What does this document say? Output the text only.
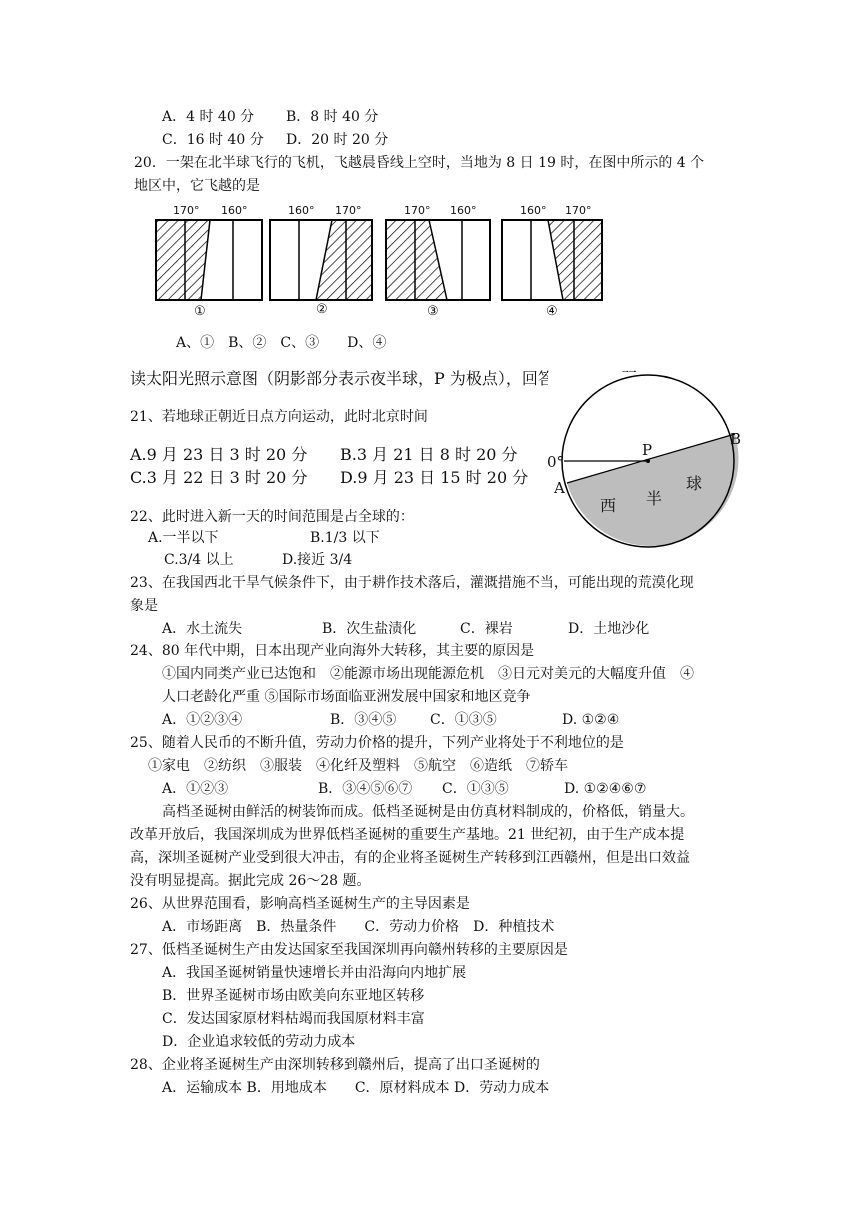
A．4 时 40 分 B．8 时 40 分
C．16 时 40 分 D．20 时 20 分
20．一架在北半球飞行的飞机，飞越晨昏线上空时，当地为 8 日 19 时，在图中所示的 4 个
地区中，它飞越的是
170° 160°
①
160° 170°
②
170° 160°
③
160° 170°
④
A、①　B、②　C、③　　D、④
读太阳光照示意图（阴影部分表示夜半球，P 为极点），回答 21～22 题
P
B
A
0°
西 半
球
21、若地球正朝近日点方向运动，此时北京时间
A.9 月 23 日 3 时 20 分 B.3 月 21 日 8 时 20 分
C.3 月 22 日 3 时 20 分 D.9 月 23 日 15 时 20 分
22、此时进入新一天的时间范围是占全球的：
A.一半以下	B.1/3 以下
C.3/4 以上	D.接近 3/4
23、在我国西北干旱气候条件下，由于耕作技术落后，灌溉措施不当，可能出现的荒漠化现
象是
A．水土流失	B．次生盐渍化	C．裸岩	D．土地沙化
24、80 年代中期，日本出现产业向海外大转移，其主要的原因是
①国内同类产业已达饱和　②能源市场出现能源危机　③日元对美元的大幅度升值　④
人口老龄化严重 ⑤国际市场面临亚洲发展中国家和地区竞争
A．①②③④	B．③④⑤ C．①③⑤	D. ①②④
25、随着人民币的不断升值，劳动力价格的提升，下列产业将处于不利地位的是
①家电　②纺织　③服装　④化纤及塑料　⑤航空　⑥造纸　⑦轿车
A．①②③	B．③④⑤⑥⑦ C．①③⑤	D. ①②④⑥⑦
高档圣诞树由鲜活的树装饰而成。低档圣诞树是由仿真材料制成的，价格低，销量大。
改革开放后，我国深圳成为世界低档圣诞树的重要生产基地。21 世纪初，由于生产成本提
高，深圳圣诞树产业受到很大冲击，有的企业将圣诞树生产转移到江西赣州，但是出口效益
没有明显提高。据此完成 26～28 题。
26、从世界范围看，影响高档圣诞树生产的主导因素是
A．市场距离　B．热量条件　　C．劳动力价格　D．种植技术
27、低档圣诞树生产由发达国家至我国深圳再向赣州转移的主要原因是
A．我国圣诞树销量快速增长并由沿海向内地扩展
B．世界圣诞树市场由欧美向东亚地区转移
C．发达国家原材料枯竭而我国原材料丰富
D．企业追求较低的劳动力成本
28、企业将圣诞树生产由深圳转移到赣州后，提高了出口圣诞树的
A．运输成本 B．用地成本　　C．原材料成本 D．劳动力成本
